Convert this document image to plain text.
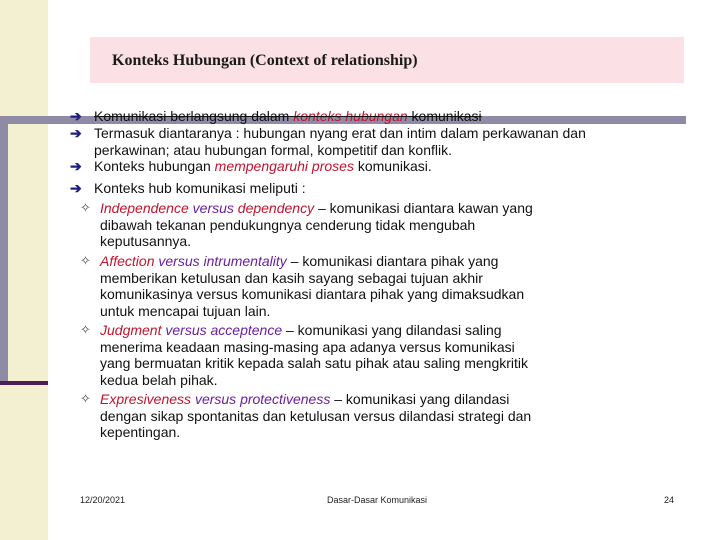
Konteks Hubungan (Context of relationship)
➔ Komunikasi berlangsung dalam konteks hubungan komunikasi
➔ Termasuk diantaranya : hubungan nyang erat dan intim dalam perkawanan dan
perkawinan; atau hubungan formal, kompetitif dan konflik.
➔ Konteks hubungan mempengaruhi proses komunikasi.
➔ Konteks hub komunikasi meliputi :
✧ Independence versus dependency – komunikasi diantara kawan yang
dibawah tekanan pendukungnya cenderung tidak mengubah
keputusannya.
✧ Affection versus intrumentality – komunikasi diantara pihak yang
memberikan ketulusan dan kasih sayang sebagai tujuan akhir
komunikasinya versus komunikasi diantara pihak yang dimaksudkan
untuk mencapai tujuan lain.
✧ Judgment versus acceptence – komunikasi yang dilandasi saling
menerima keadaan masing-masing apa adanya versus komunikasi
yang bermuatan kritik kepada salah satu pihak atau saling mengkritik
kedua belah pihak.
✧ Expresiveness versus protectiveness – komunikasi yang dilandasi
dengan sikap spontanitas dan ketulusan versus dilandasi strategi dan
kepentingan.
12/20/2021	Dasar-Dasar Komunikasi	24
